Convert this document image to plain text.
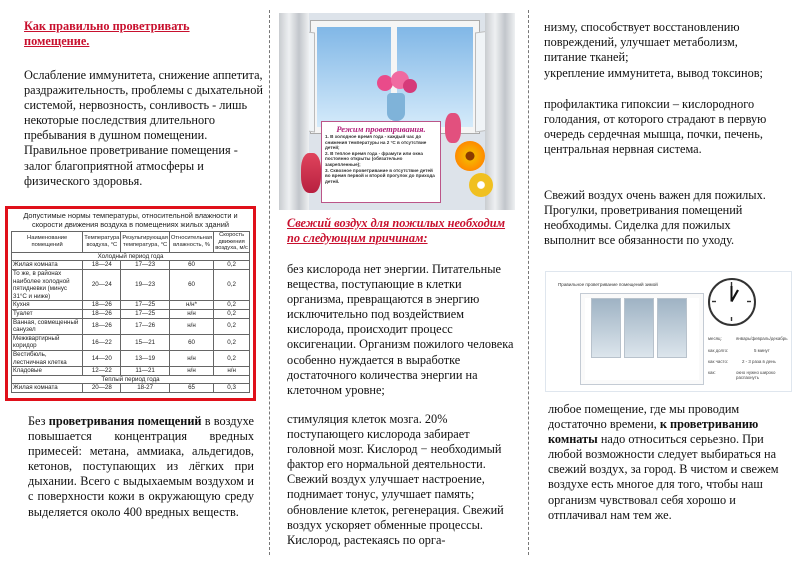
Как правильно проветривать помещение.

Ослабление иммунитета, снижение аппетита, раздражительность, проблемы с дыхательной системой, нервозность, сонливость - лишь некоторые последствия длительного пребывания в душном помещении. Правильное проветривание помещения - залог благоприятной атмосферы и физического здоровья.

Допустимые нормы температуры, относительной влажности и скорости движения воздуха в помещениях жилых зданий
Наименование помещений	Температура воздуха, °С	Результирующая температура, °С	Относительная влажность, %	Скорость движения воздуха, м/с
Холодный период года				
Жилая комната	18—24	17—23	60	0,2
То же, в районах наиболее холодной пятидневки (минус 31°С и ниже)	20—24	19—23	60	0,2
Кухня	18—26	17—25	н/н*	0,2
Туалет	18—26	17—25	н/н	0,2
Ванная, совмещенный санузел	18—26	17—26	н/н	0,2
Межквартирный коридор	16—22	15—21	60	0,2
Вестибюль, лестничная клетка	14—20	13—19	н/н	0,2
Кладовые	12—22	11—21	н/н	н/н
Теплый период года				
Жилая комната	20—28	18-27	65	0,3

Без проветривания помещений в воздухе повышается концентрация вредных примесей: метана, аммиака, альдегидов, кетонов, поступающих из лёгких при дыхании. Всего с выдыхаемым воздухом и с поверхности кожи в окружающую среду выделяется около 400 вредных веществ.

Режим проветривания.
1. В холодное время года - каждый час до снижения температуры на 2 °С в отсутствие детей;
2. В теплое время года - фрамуги или окна постоянно открыты (обязательно закрепленные);
3. Сквозное проветривание в отсутствие детей во время первой и второй прогулок до прихода детей.
Свежий воздух для пожилых необходим по следующим причинам:

без кислорода нет энергии. Питательные вещества, поступающие в клетки организма, превращаются в энергию исключительно под воздействием кислорода, происходит процесс оксигенации. Организм пожилого человека особенно нуждается в выработке достаточного количества энергии на клеточном уровне;

стимуляция клеток мозга. 20% поступающего кислорода забирает головной мозг. Кислород − необходимый фактор его нормальной деятельности. Свежий воздух улучшает настроение, поднимает тонус, улучшает память; обновление клеток, регенерация. Свежий воздух ускоряет обменные процессы. Кислород, растекаясь по орга-

низму, способствует восстановлению повреждений, улучшает метаболизм, питание тканей;

укрепление иммунитета, вывод токсинов;

профилактика гипоксии – кислородного голодания, от которого страдают в первую очередь сердечная мышца, почки, печень, центральная нервная система.

Свежий воздух очень важен для пожилых. Прогулки, проветривания помещений необходимы. Сиделка для пожилых выполнит все обязанности по уходу.

Правильное проветривание помещений зимой
месяц:	январь/февраль/декабрь
как долго:	5 минут
как часто:	2 - 3 раза в день
как:	окно нужно широко распахнуть

любое помещение, где мы проводим достаточно времени, к проветриванию комнаты надо относиться серьезно. При любой возможности следует выбираться на свежий воздух, за город. В чистом и свежем воздухе есть многое для того, чтобы наш организм чувствовал себя хорошо и отплачивал нам тем же.
